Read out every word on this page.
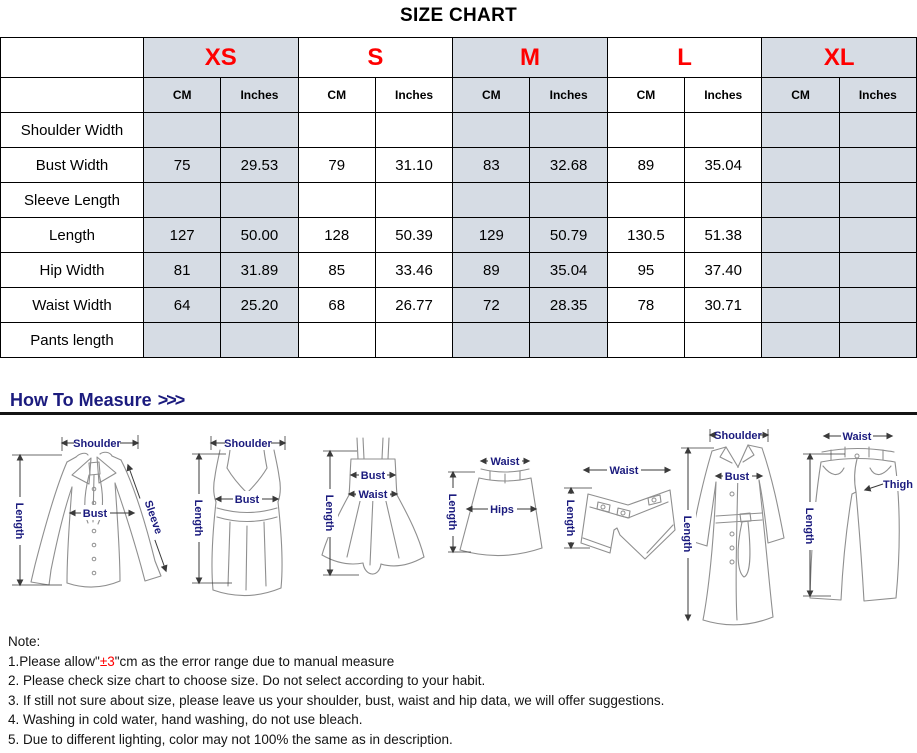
SIZE CHART
	XS		S		M		L		XL	
	CM	Inches	CM	Inches	CM	Inches	CM	Inches	CM	Inches
Shoulder Width										
Bust Width	75	29.53	79	31.10	83	32.68	89	35.04		
Sleeve Length										
Length	127	50.00	128	50.39	129	50.79	130.5	51.38		
Hip Width	81	31.89	85	33.46	89	35.04	95	37.40		
Waist Width	64	25.20	68	26.77	72	28.35	78	30.71		
Pants length										
How To Measure >>>
Shoulder
Length	Bust	Sleeve
Shoulder
Length	Bust	Length
Bust
Waist
Waist
Hips
Length
Waist
Length
Shoulder
Length
Bust
Waist
Length
Thigh
Note:
1.Please allow"±3"cm as the error range due to manual measure
2. Please check size chart to choose size. Do not select according to your habit.
3. If still not sure about size, please leave us your shoulder, bust, waist and hip data, we will offer suggestions.
4. Washing in cold water, hand washing, do not use bleach.
5. Due to different lighting, color may not 100% the same as in description.
